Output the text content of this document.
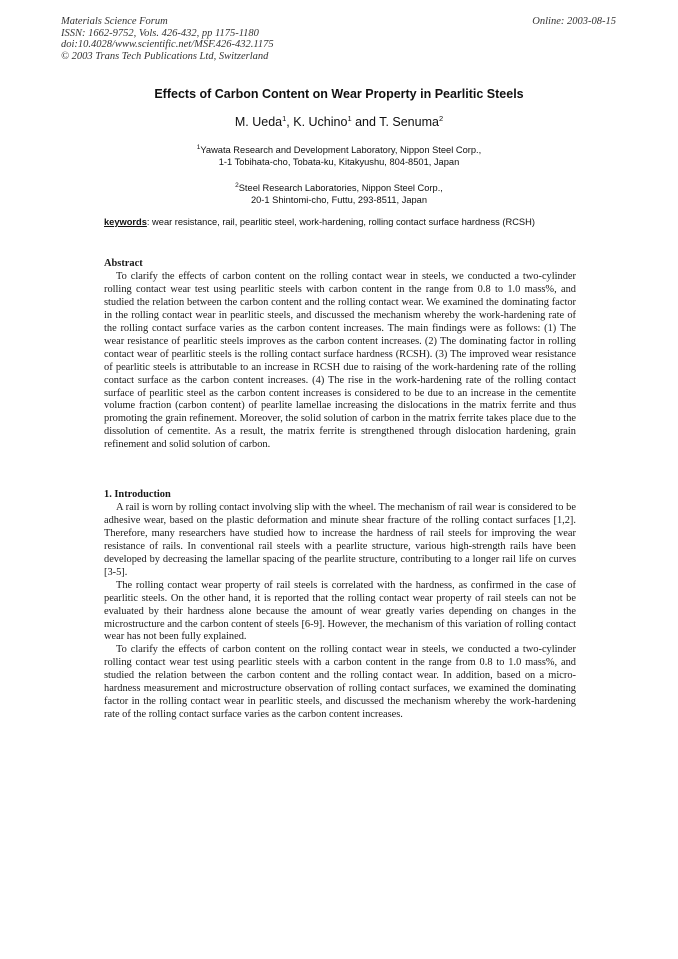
Materials Science Forum
ISSN: 1662-9752, Vols. 426-432, pp 1175-1180
doi:10.4028/www.scientific.net/MSF.426-432.1175
© 2003 Trans Tech Publications Ltd, Switzerland
Online: 2003-08-15
Effects of Carbon Content on Wear Property in Pearlitic Steels
M. Ueda$^1$, K. Uchino$^1$ and T. Senuma$^2$
$^1$Yawata Research and Development Laboratory, Nippon Steel Corp.,
1-1 Tobihata-cho, Tobata-ku, Kitakyushu, 804-8501, Japan
$^2$Steel Research Laboratories, Nippon Steel Corp.,
20-1 Shintomi-cho, Futtu, 293-8511, Japan
keywords: wear resistance, rail, pearlitic steel, work-hardening, rolling contact surface hardness (RCSH)
Abstract

To clarify the effects of carbon content on the rolling contact wear in steels, we conducted a two-cylinder rolling contact wear test using pearlitic steels with carbon content in the range from 0.8 to 1.0 mass%, and studied the relation between the carbon content and the rolling contact wear. We examined the dominating factor in the rolling contact wear in pearlitic steels, and discussed the mechanism whereby the work-hardening rate of the rolling contact surface varies as the carbon content increases. The main findings were as follows: (1) The wear resistance of pearlitic steels improves as the carbon content increases. (2) The dominating factor in rolling contact wear of pearlitic steels is the rolling contact surface hardness (RCSH). (3) The improved wear resistance of pearlitic steels is attributable to an increase in RCSH due to raising of the work-hardening rate of the rolling contact surface as the carbon content increases. (4) The rise in the work-hardening rate of the rolling contact surface of pearlitic steel as the carbon content increases is considered to be due to an increase in the cementite volume fraction (carbon content) of pearlite lamellae increasing the dislocations in the matrix ferrite and thus promoting the grain refinement. Moreover, the solid solution of carbon in the matrix ferrite takes place due to the dissolution of cementite. As a result, the matrix ferrite is strengthened through dislocation hardening, grain refinement and solid solution of carbon.

1. Introduction

A rail is worn by rolling contact involving slip with the wheel. The mechanism of rail wear is considered to be adhesive wear, based on the plastic deformation and minute shear fracture of the rolling contact surfaces [1,2]. Therefore, many researchers have studied how to increase the hardness of rail steels for improving the wear resistance of rails. In conventional rail steels with a pearlite structure, various high-strength rails have been developed by decreasing the lamellar spacing of the pearlite structure, contributing to a longer rail life on curves [3-5].

The rolling contact wear property of rail steels is correlated with the hardness, as confirmed in the case of pearlitic steels. On the other hand, it is reported that the rolling contact wear property of rail steels can not be evaluated by their hardness alone because the amount of wear greatly varies depending on changes in the microstructure and the carbon content of steels [6-9]. However, the mechanism of this variation of rolling contact wear has not been fully explained.

To clarify the effects of carbon content on the rolling contact wear in steels, we conducted a two-cylinder rolling contact wear test using pearlitic steels with a carbon content in the range from 0.8 to 1.0 mass%, and studied the relation between the carbon content and the rolling contact wear. In addition, based on a micro-hardness measurement and microstructure observation of rolling contact surfaces, we examined the dominating factor in the rolling contact wear in pearlitic steels, and discussed the mechanism whereby the work-hardening rate of the rolling contact surface varies as the carbon content increases.
